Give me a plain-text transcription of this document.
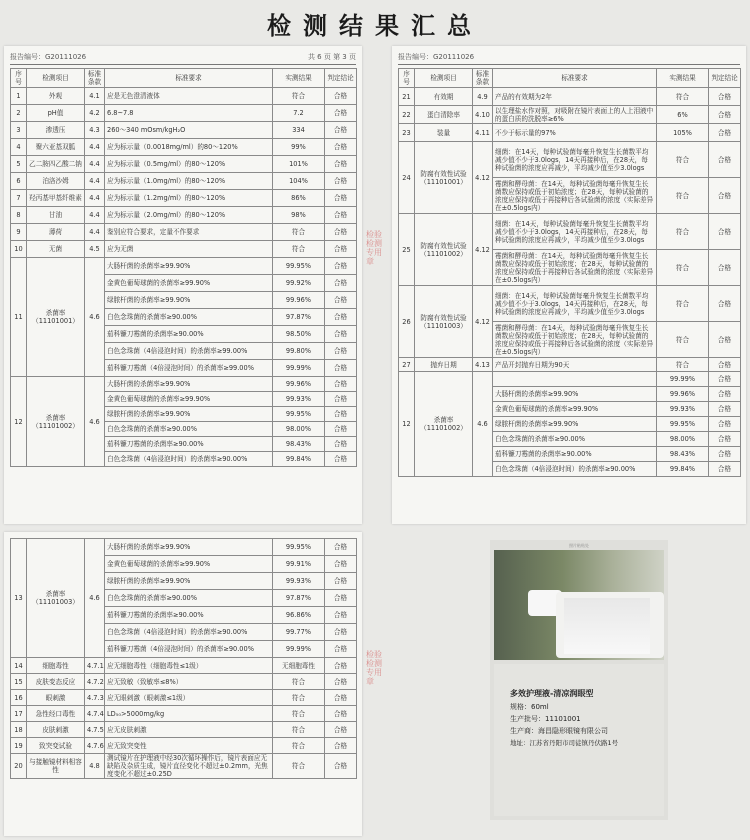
检测结果汇总
报告编号：G20111026	共 6 页 第 3 页
序号	检测项目	标准条款	标准要求	实测结果	判定结论
1	外观	4.1	应是无色澄清液体	符合	合格
2	pH值	4.2	6.8~7.8	7.2	合格
3	渗透压	4.3	260～340 mOsm/kgH₂O	334	合格
4	聚六亚基双胍	4.4	应为标示量（0.0018mg/ml）的80～120%	99%	合格
5	乙二胺四乙酸二钠	4.4	应为标示量（0.5mg/ml）的80～120%	101%	合格
6	泊洛沙姆	4.4	应为标示量（1.0mg/ml）的80～120%	104%	合格
7	羟丙基甲基纤维素	4.4	应为标示量（1.2mg/ml）的80～120%	86%	合格
8	甘油	4.4	应为标示量（2.0mg/ml）的80～120%	98%	合格
9	薄荷	4.4	鉴别应符合要求，定量不作要求	符合	合格
10	无菌	4.5	应为无菌	符合	合格
11	杀菌率（11101001）	4.6	大肠杆菌的杀菌率≥99.90%	99.95%	合格
			金黄色葡萄球菌的杀菌率≥99.90%	99.92%	合格
			绿脓杆菌的杀菌率≥99.90%	99.96%	合格
			白色念珠菌的杀菌率≥90.00%	97.87%	合格
			茄科镰刀霉菌的杀菌率≥90.00%	98.50%	合格
			白色念珠菌（4倍浸泡时间）的杀菌率≥99.00%	99.80%	合格
			茄科镰刀霉菌（4倍浸泡时间）的杀菌率≥99.00%	99.99%	合格
12	杀菌率（11101002）	4.6	大肠杆菌的杀菌率≥99.90%	99.96%	合格
			金黄色葡萄球菌的杀菌率≥99.90%	99.93%	合格
			绿脓杆菌的杀菌率≥99.90%	99.95%	合格
			白色念珠菌的杀菌率≥90.00%	98.00%	合格
			茄科镰刀霉菌的杀菌率≥90.00%	98.43%	合格
			白色念珠菌（4倍浸泡时间）的杀菌率≥90.00%	99.84%	合格
报告编号：G20111026
序号	检测项目	标准条款	标准要求	实测结果	判定结论
21	有效期	4.9	产品的有效期为2年	符合	合格
22	蛋白清除率	4.10	以生理盐水作对照，对吸附在镜片表面上的人上泪液中的蛋白质的洗脱率≥6%	6%	合格
23	装量	4.11	不少于标示量的97%	105%	合格
24	防腐有效性试验（11101001）	4.12	细菌：在14天，每种试验菌每毫升恢复生长菌数平均减少值不少于3.0logs，14天再接种后，在28天，每种试验菌的浓度应再减少，平均减少值至少3.0logs	符合	合格
			霉菌和酵母菌：在14天，每种试验菌每毫升恢复生长菌数应保持或低于初始浓度；在28天，每种试验菌的浓度应保持或低于再接种后各试验菌的浓度（实际差异在±0.5logs内）	符合	合格
25	防腐有效性试验（11101002）	4.12	细菌：在14天，每种试验菌每毫升恢复生长菌数平均减少值不少于3.0logs，14天再接种后，在28天，每种试验菌的浓度应再减少，平均减少值至少3.0logs	符合	合格
			霉菌和酵母菌：在14天，每种试验菌每毫升恢复生长菌数应保持或低于初始浓度；在28天，每种试验菌的浓度应保持或低于再接种后各试验菌的浓度（实际差异在±0.5logs内）	符合	合格
26	防腐有效性试验（11101003）	4.12	细菌：在14天，每种试验菌每毫升恢复生长菌数平均减少值不少于3.0logs，14天再接种后，在28天，每种试验菌的浓度应再减少，平均减少值至少3.0logs	符合	合格
			霉菌和酵母菌：在14天，每种试验菌每毫升恢复生长菌数应保持或低于初始浓度；在28天，每种试验菌的浓度应保持或低于再接种后各试验菌的浓度（实际差异在±0.5logs内）	符合	合格
27	抛弃日期	4.13	产品开封抛弃日期为90天	符合	合格
12	杀菌率（11101002）	4.6		99.99%	合格
			大肠杆菌的杀菌率≥99.90%	99.96%	合格
			金黄色葡萄球菌的杀菌率≥99.90%	99.93%	合格
			绿脓杆菌的杀菌率≥99.90%	99.95%	合格
			白色念珠菌的杀菌率≥90.00%	98.00%	合格
			茄科镰刀霉菌的杀菌率≥90.00%	98.43%	合格
			白色念珠菌（4倍浸泡时间）的杀菌率≥90.00%	99.84%	合格
13	杀菌率（11101003）	4.6	大肠杆菌的杀菌率≥99.90%	99.95%	合格
			金黄色葡萄球菌的杀菌率≥99.90%	99.91%	合格
			绿脓杆菌的杀菌率≥99.90%	99.93%	合格
			白色念珠菌的杀菌率≥90.00%	97.87%	合格
			茄科镰刀霉菌的杀菌率≥90.00%	96.86%	合格
			白色念珠菌（4倍浸泡时间）的杀菌率≥90.00%	99.77%	合格
			茄科镰刀霉菌（4倍浸泡时间）的杀菌率≥90.00%	99.99%	合格
14	细胞毒性	4.7.1	应无细胞毒性（细胞毒性≤1级）	无细胞毒性	合格
15	皮肤变态反应	4.7.2	应无致敏（致敏率≤8%）	符合	合格
16	眼刺激	4.7.3	应无眼刺激（眼刺激≤1级）	符合	合格
17	急性经口毒性	4.7.4	LD₅₀>5000mg/kg	符合	合格
18	皮肤刺激	4.7.5	应无皮肤刺激	符合	合格
19	致突变试验	4.7.6	应无致突变性	符合	合格
20	与接触镜材料相容性	4.8	测试镜片在护理液中经30次循环操作后，镜片表面应无缺陷及杂质生成，镜片直径变化不超过±0.2mm，光焦度变化不超过±0.25D	符合	合格
检验检测专用章
检验检测专用章
照片粘贴处
多效护理液-清凉润眼型
规格：60ml
生产批号：11101001
生产商：海昌隐形眼镜有限公司
地址：江苏省丹阳市司徒镇丹伏路1号
